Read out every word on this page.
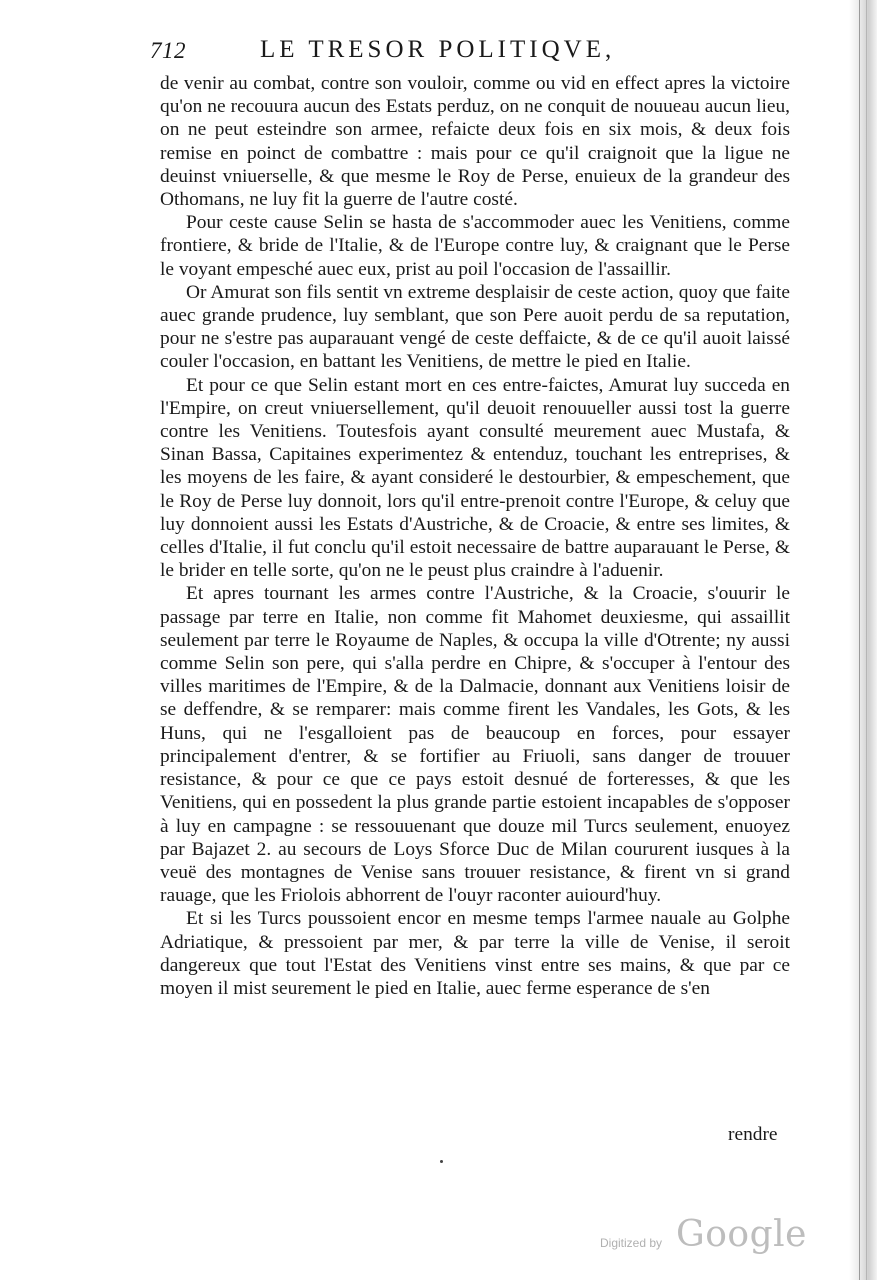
712	LE TRESOR POLITIQVE,

de venir au combat, contre son vouloir, comme ou vid en effect apres la victoire qu'on ne recouura aucun des Estats perduz, on ne conquit de nouueau aucun lieu, on ne peut esteindre son armee, refaicte deux fois en six mois, & deux fois remise en poinct de combattre : mais pour ce qu'il craignoit que la ligue ne deuinst vniuerselle, & que mesme le Roy de Perse, enuieux de la grandeur des Othomans, ne luy fit la guerre de l'autre costé.

Pour ceste cause Selin se hasta de s'accommoder auec les Venitiens, comme frontiere, & bride de l'Italie, & de l'Europe contre luy, & craignant que le Perse le voyant empesché auec eux, prist au poil l'occasion de l'assaillir.

Or Amurat son fils sentit vn extreme desplaisir de ceste action, quoy que faite auec grande prudence, luy semblant, que son Pere auoit perdu de sa reputation, pour ne s'estre pas auparauant vengé de ceste deffaicte, & de ce qu'il auoit laissé couler l'occasion, en battant les Venitiens, de mettre le pied en Italie.

Et pour ce que Selin estant mort en ces entre-faictes, Amurat luy succeda en l'Empire, on creut vniuersellement, qu'il deuoit renouueller aussi tost la guerre contre les Venitiens. Toutesfois ayant consulté meurement auec Mustafa, & Sinan Bassa, Capitaines experimentez & entenduz, touchant les entreprises, & les moyens de les faire, & ayant consideré le destourbier, & empeschement, que le Roy de Perse luy donnoit, lors qu'il entre-prenoit contre l'Europe, & celuy que luy donnoient aussi les Estats d'Austriche, & de Croacie, & entre ses limites, & celles d'Italie, il fut conclu qu'il estoit necessaire de battre auparauant le Perse, & le brider en telle sorte, qu'on ne le peust plus craindre à l'aduenir.

Et apres tournant les armes contre l'Austriche, & la Croacie, s'ouurir le passage par terre en Italie, non comme fit Mahomet deuxiesme, qui assaillit seulement par terre le Royaume de Naples, & occupa la ville d'Otrente; ny aussi comme Selin son pere, qui s'alla perdre en Chipre, & s'occuper à l'entour des villes maritimes de l'Empire, & de la Dalmacie, donnant aux Venitiens loisir de se deffendre, & se remparer: mais comme firent les Vandales, les Gots, & les Huns, qui ne l'esgalloient pas de beaucoup en forces, pour essayer principalement d'entrer, & se fortifier au Friuoli, sans danger de trouuer resistance, & pour ce que ce pays estoit desnué de forteresses, & que les Venitiens, qui en possedent la plus grande partie estoient incapables de s'opposer à luy en campagne : se ressouuenant que douze mil Turcs seulement, enuoyez par Bajazet 2. au secours de Loys Sforce Duc de Milan coururent iusques à la veuë des montagnes de Venise sans trouuer resistance, & firent vn si grand rauage, que les Friolois abhorrent de l'ouyr raconter auiourd'huy.

Et si les Turcs poussoient encor en mesme temps l'armee nauale au Golphe Adriatique, & pressoient par mer, & par terre la ville de Venise, il seroit dangereux que tout l'Estat des Venitiens vinst entre ses mains, & que par ce moyen il mist seurement le pied en Italie, auec ferme esperance de s'en

rendre
Digitized by Google
